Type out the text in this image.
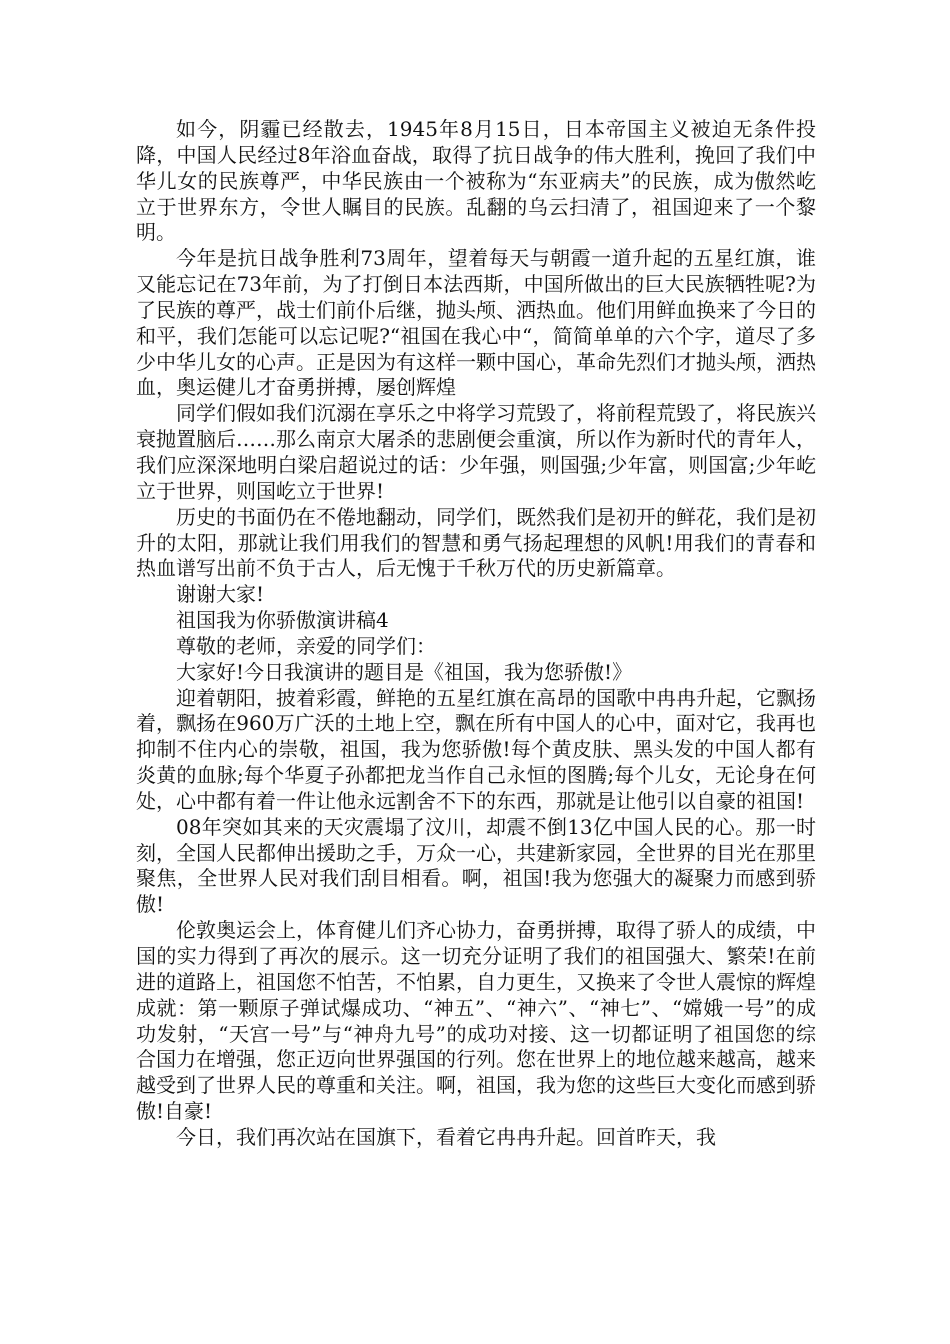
如今，阴霾已经散去，1945年8月15日，日本帝国主义被迫无条件投降，中国人民经过8年浴血奋战，取得了抗日战争的伟大胜利，挽回了我们中华儿女的民族尊严，中华民族由一个被称为“东亚病夫”的民族，成为傲然屹立于世界东方，令世人瞩目的民族。乱翻的乌云扫清了，祖国迎来了一个黎明。

今年是抗日战争胜利73周年，望着每天与朝霞一道升起的五星红旗，谁又能忘记在73年前，为了打倒日本法西斯，中国所做出的巨大民族牺牲呢?为了民族的尊严，战士们前仆后继，抛头颅、洒热血。他们用鲜血换来了今日的和平，我们怎能可以忘记呢?“祖国在我心中“，简简单单的六个字，道尽了多少中华儿女的心声。正是因为有这样一颗中国心，革命先烈们才抛头颅，洒热血，奥运健儿才奋勇拼搏，屡创辉煌

同学们假如我们沉溺在享乐之中将学习荒毁了，将前程荒毁了，将民族兴衰抛置脑后……那么南京大屠杀的悲剧便会重演，所以作为新时代的青年人，我们应深深地明白梁启超说过的话：少年强，则国强;少年富，则国富;少年屹立于世界，则国屹立于世界!

历史的书面仍在不倦地翻动，同学们，既然我们是初开的鲜花，我们是初升的太阳，那就让我们用我们的智慧和勇气扬起理想的风帆!用我们的青春和热血谱写出前不负于古人，后无愧于千秋万代的历史新篇章。

谢谢大家!

祖国我为你骄傲演讲稿4

尊敬的老师，亲爱的同学们：

大家好!今日我演讲的题目是《祖国，我为您骄傲!》

迎着朝阳，披着彩霞，鲜艳的五星红旗在高昂的国歌中冉冉升起，它飘扬着，飘扬在960万广沃的土地上空，飘在所有中国人的心中，面对它，我再也抑制不住内心的崇敬，祖国，我为您骄傲!每个黄皮肤、黑头发的中国人都有炎黄的血脉;每个华夏子孙都把龙当作自己永恒的图腾;每个儿女，无论身在何处，心中都有着一件让他永远割舍不下的东西，那就是让他引以自豪的祖国!

08年突如其来的天灾震塌了汶川，却震不倒13亿中国人民的心。那一时刻，全国人民都伸出援助之手，万众一心，共建新家园，全世界的目光在那里聚焦，全世界人民对我们刮目相看。啊，祖国!我为您强大的凝聚力而感到骄傲!

伦敦奥运会上，体育健儿们齐心协力，奋勇拼搏，取得了骄人的成绩，中国的实力得到了再次的展示。这一切充分证明了我们的祖国强大、繁荣!在前进的道路上，祖国您不怕苦，不怕累，自力更生，又换来了令世人震惊的辉煌成就：第一颗原子弹试爆成功、“神五”、“神六”、“神七”、“嫦娥一号”的成功发射，“天宫一号”与“神舟九号”的成功对接、这一切都证明了祖国您的综合国力在增强，您正迈向世界强国的行列。您在世界上的地位越来越高，越来越受到了世界人民的尊重和关注。啊，祖国，我为您的这些巨大变化而感到骄傲!自豪!

今日，我们再次站在国旗下，看着它冉冉升起。回首昨天，我
